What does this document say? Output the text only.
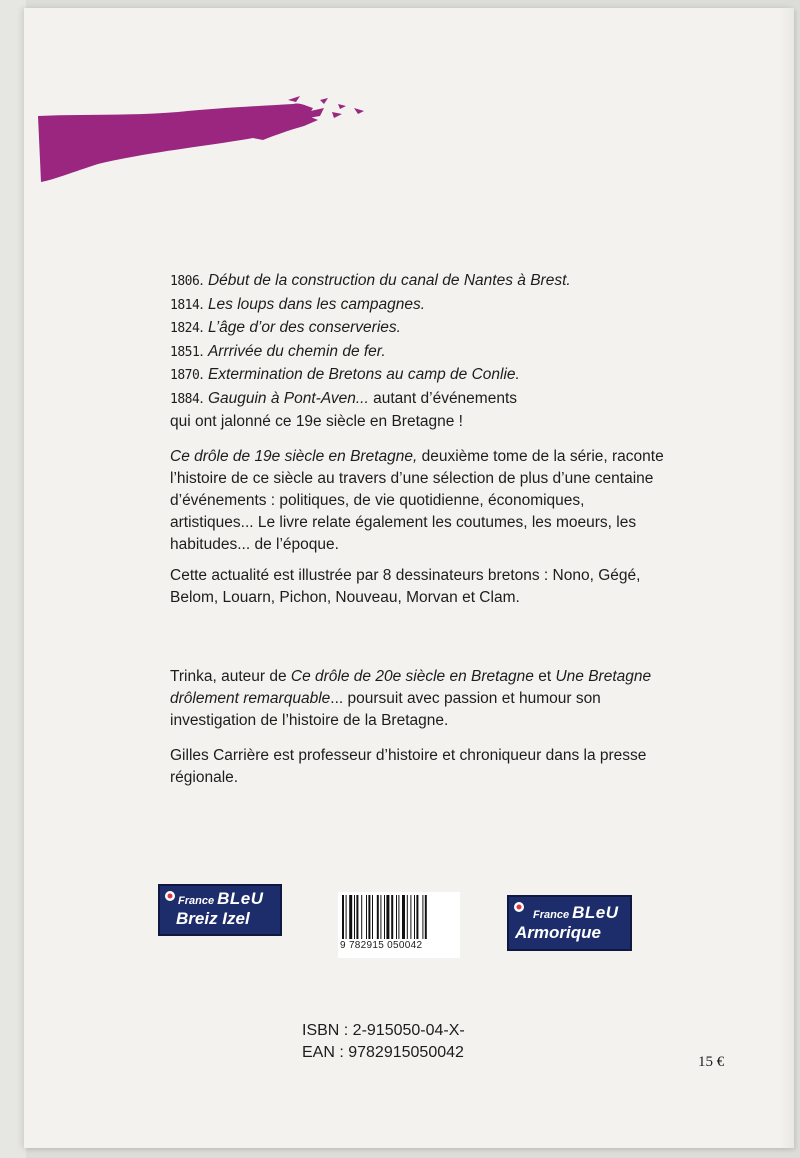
1806. Début de la construction du canal de Nantes à Brest.
1814. Les loups dans les campagnes.
1824. L’âge d’or des conserveries.
1851. Arrrivée du chemin de fer.
1870. Extermination de Bretons au camp de Conlie.
1884. Gauguin à Pont-Aven... autant d’événements
qui ont jalonné ce 19e siècle en Bretagne !

Ce drôle de 19e siècle en Bretagne, deuxième tome de la série, raconte l’histoire de ce siècle au travers d’une sélection de plus d’une centaine d’événements : politiques, de vie quotidienne, économiques, artistiques... Le livre relate également les coutumes, les moeurs, les habitudes... de l’époque.

Cette actualité est illustrée par 8 dessinateurs bretons : Nono, Gégé, Belom, Louarn, Pichon, Nouveau, Morvan et Clam.

Trinka, auteur de Ce drôle de 20e siècle en Bretagne et Une Bretagne drôlement remarquable... poursuit avec passion et humour son investigation de l’histoire de la Bretagne.

Gilles Carrière est professeur d’histoire et chroniqueur dans la presse régionale.

France BLeU
Breiz Izel
9 782915 050042
France BLeU
Armorique
ISBN : 2-915050-04-X-
EAN : 9782915050042
15 €
